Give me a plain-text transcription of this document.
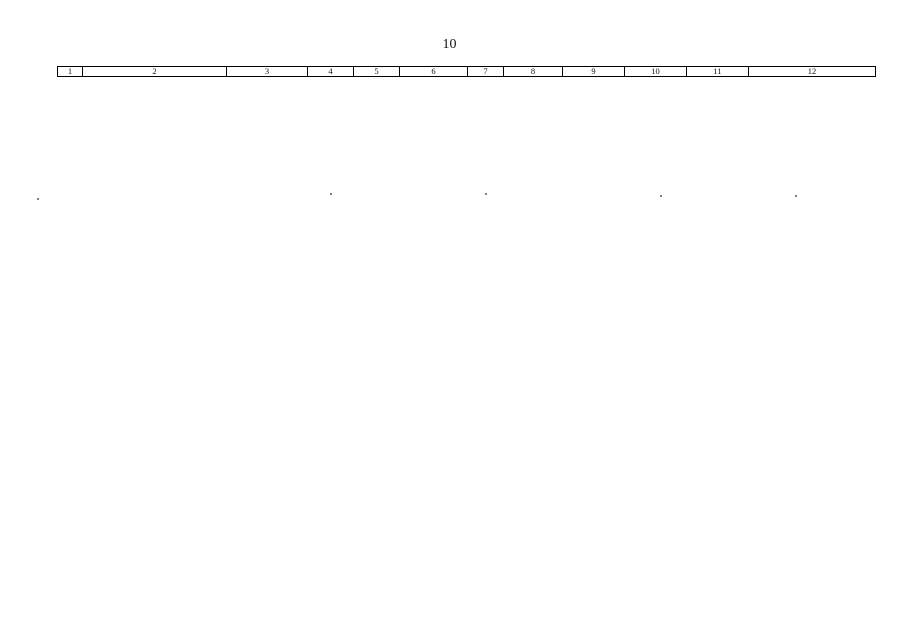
10
1	2	3	4	5	6	7	8	9	10	11	12
